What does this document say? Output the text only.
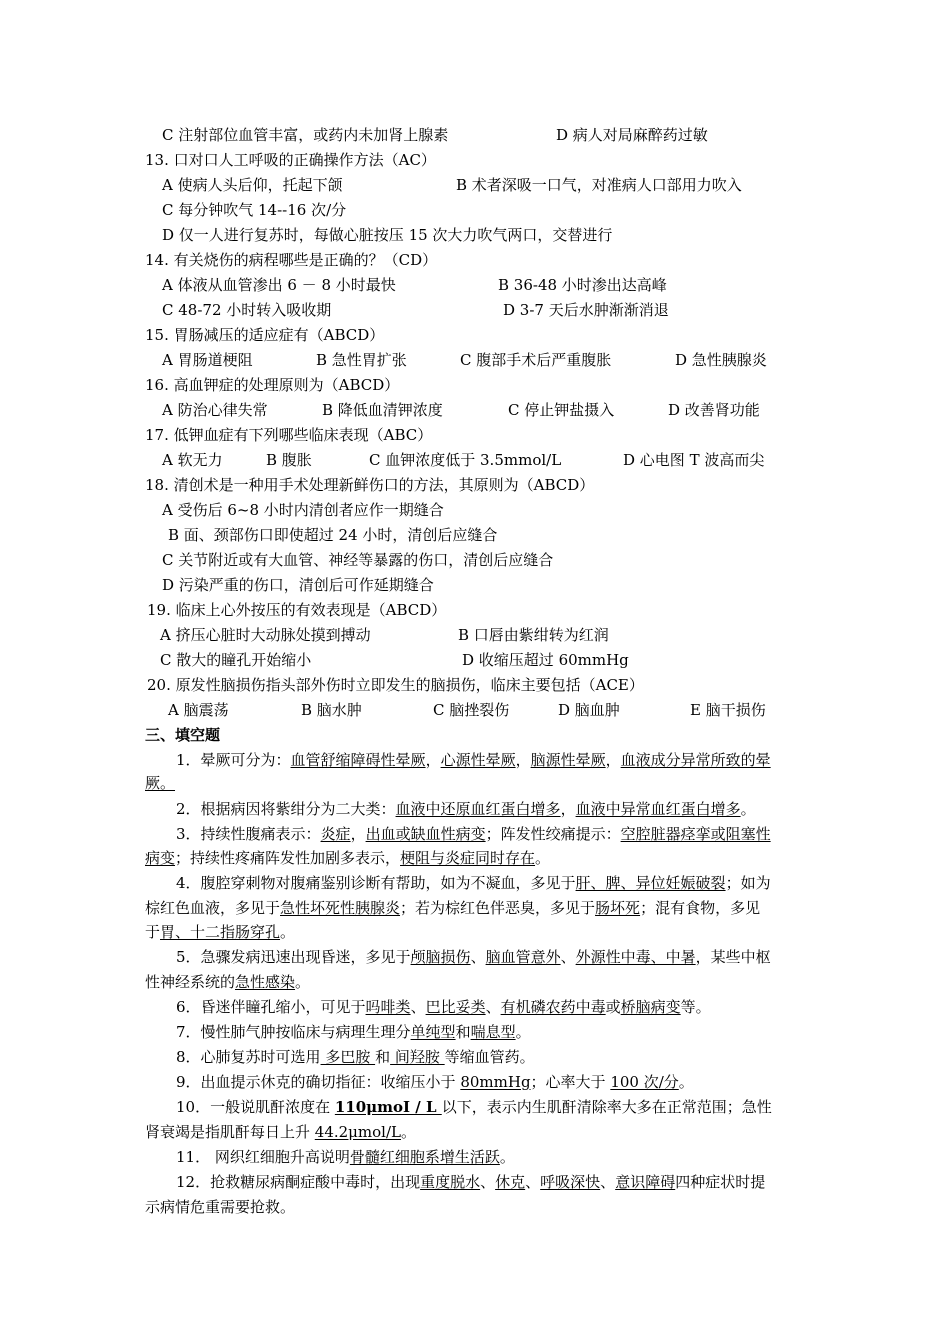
C 注射部位血管丰富，或药内未加肾上腺素	D 病人对局麻醉药过敏
13. 口对口人工呼吸的正确操作方法（AC）
A 使病人头后仰，托起下颌	B 术者深吸一口气，对准病人口部用力吹入
C 每分钟吹气 14--16 次/分
D 仅一人进行复苏时，每做心脏按压 15 次大力吹气两口，交替进行
14. 有关烧伤的病程哪些是正确的？（CD）
A 体液从血管渗出 6 － 8 小时最快	B 36-48 小时渗出达高峰
C 48-72 小时转入吸收期	D 3-7 天后水肿渐渐消退
15. 胃肠减压的适应症有（ABCD）
A 胃肠道梗阻	B 急性胃扩张	C 腹部手术后严重腹胀	D 急性胰腺炎
16. 高血钾症的处理原则为（ABCD）
A 防治心律失常	B 降低血清钾浓度	C 停止钾盐摄入	D 改善肾功能
17. 低钾血症有下列哪些临床表现（ABC）
A 软无力	B 腹胀	C 血钾浓度低于 3.5mmol/L	D 心电图 T 波高而尖
18. 清创术是一种用手术处理新鲜伤口的方法，其原则为（ABCD）
A 受伤后 6~8 小时内清创者应作一期缝合
B 面、颈部伤口即使超过 24 小时，清创后应缝合
C 关节附近或有大血管、神经等暴露的伤口，清创后应缝合
D 污染严重的伤口，清创后可作延期缝合
19. 临床上心外按压的有效表现是（ABCD）
A 挤压心脏时大动脉处摸到搏动	B 口唇由紫绀转为红润
C 散大的瞳孔开始缩小	D 收缩压超过 60mmHg
20. 原发性脑损伤指头部外伤时立即发生的脑损伤，临床主要包括（ACE）
A 脑震荡	B 脑水肿	C 脑挫裂伤	D 脑血肿	E 脑干损伤
三、填空题
1．晕厥可分为：血管舒缩障碍性晕厥，心源性晕厥，脑源性晕厥，血液成分异常所致的晕
厥。
2．根据病因将紫绀分为二大类：血液中还原血红蛋白增多，血液中异常血红蛋白增多。
3．持续性腹痛表示：炎症，出血或缺血性病变；阵发性绞痛提示：空腔脏器痉挛或阻塞性
病变；持续性疼痛阵发性加剧多表示，梗阻与炎症同时存在。
4．腹腔穿刺物对腹痛鉴别诊断有帮助，如为不凝血，多见于肝、脾、异位妊娠破裂；如为
棕红色血液，多见于急性坏死性胰腺炎；若为棕红色伴恶臭，多见于肠坏死；混有食物，多见
于胃、十二指肠穿孔。
5．急骤发病迅速出现昏迷，多见于颅脑损伤、脑血管意外、外源性中毒、中暑，某些中枢
性神经系统的急性感染。
6．昏迷伴瞳孔缩小，可见于吗啡类、巴比妥类、有机磷农药中毒或桥脑病变等。
7．慢性肺气肿按临床与病理生理分单纯型和喘息型。
8．心肺复苏时可选用 多巴胺 和 间羟胺 等缩血管药。
9．出血提示休克的确切指征：收缩压小于 80mmHg；心率大于 100 次/分。
10．一般说肌酐浓度在 110μmoI / L 以下，表示内生肌酐清除率大多在正常范围；急性
肾衰竭是指肌酐每日上升 44.2μmol/L。
11． 网织红细胞升高说明骨髓红细胞系增生活跃。
12．抢救糖尿病酮症酸中毒时，出现重度脱水、休克、呼吸深快、意识障碍四种症状时提
示病情危重需要抢救。
